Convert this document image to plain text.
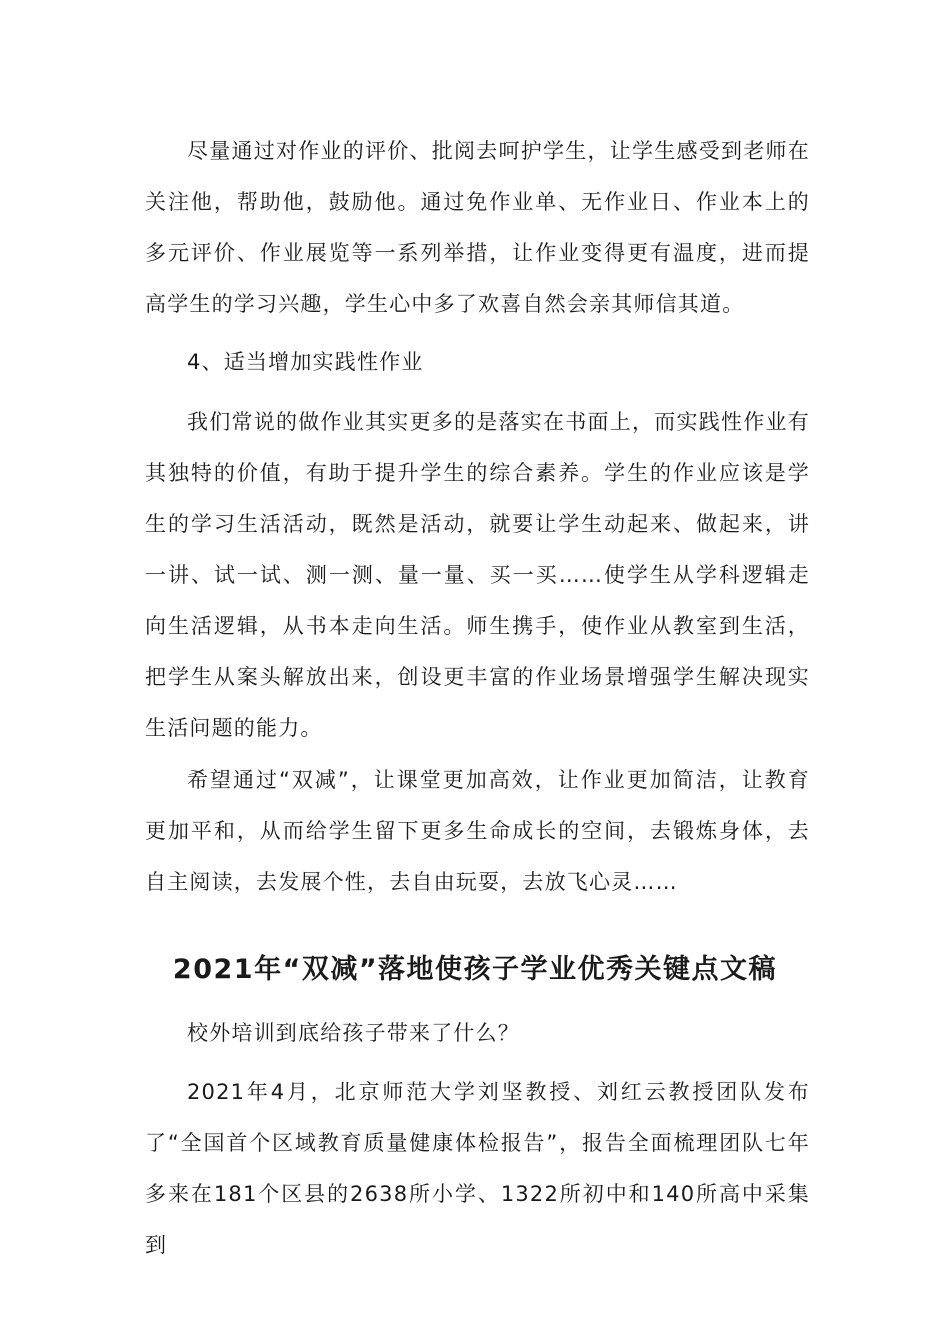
尽量通过对作业的评价、批阅去呵护学生，让学生感受到老师在关注他，帮助他，鼓励他。通过免作业单、无作业日、作业本上的多元评价、作业展览等一系列举措，让作业变得更有温度，进而提高学生的学习兴趣，学生心中多了欢喜自然会亲其师信其道。

4、适当增加实践性作业

我们常说的做作业其实更多的是落实在书面上，而实践性作业有其独特的价值，有助于提升学生的综合素养。学生的作业应该是学生的学习生活活动，既然是活动，就要让学生动起来、做起来，讲一讲、试一试、测一测、量一量、买一买……使学生从学科逻辑走向生活逻辑，从书本走向生活。师生携手，使作业从教室到生活，把学生从案头解放出来，创设更丰富的作业场景增强学生解决现实生活问题的能力。

希望通过“双减”，让课堂更加高效，让作业更加简洁，让教育更加平和，从而给学生留下更多生命成长的空间，去锻炼身体，去自主阅读，去发展个性，去自由玩耍，去放飞心灵……

2021年“双减”落地使孩子学业优秀关键点文稿

校外培训到底给孩子带来了什么？

2021年4月，北京师范大学刘坚教授、刘红云教授团队发布了“全国首个区域教育质量健康体检报告”，报告全面梳理团队七年多来在181个区县的2638所小学、1322所初中和140所高中采集到
